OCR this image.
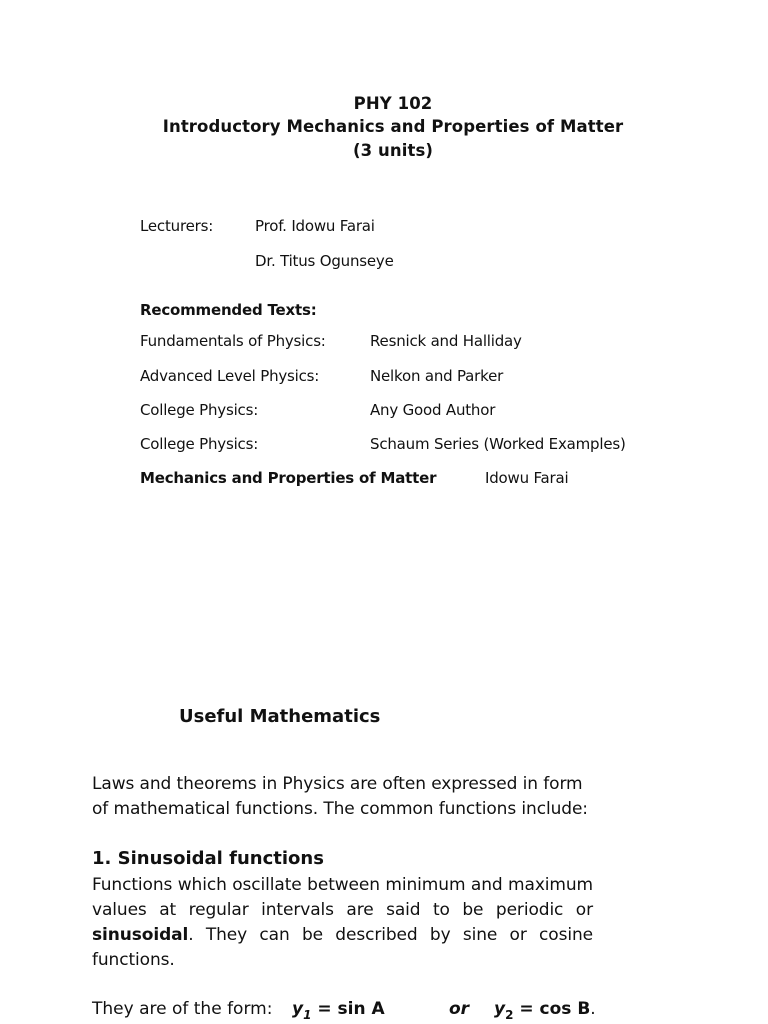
PHY 102
Introductory Mechanics and Properties of Matter
(3 units)
Lecturers:	Prof. Idowu Farai
Dr. Titus Ogunseye
Recommended Texts:
Fundamentals of Physics:	Resnick and Halliday
Advanced Level Physics:	Nelkon and Parker
College Physics:	Any Good Author
College Physics:	Schaum Series (Worked Examples)
Mechanics and Properties of Matter	Idowu Farai
Useful Mathematics
Laws and theorems in Physics are often expressed in form of mathematical functions. The common functions include:
1. Sinusoidal functions
Functions which oscillate between minimum and maximum values at regular intervals are said to be periodic or sinusoidal. They can be described by sine or cosine functions.
They are of the form: $y_1 = \sin A$	or $y_2 = \cos B$.
